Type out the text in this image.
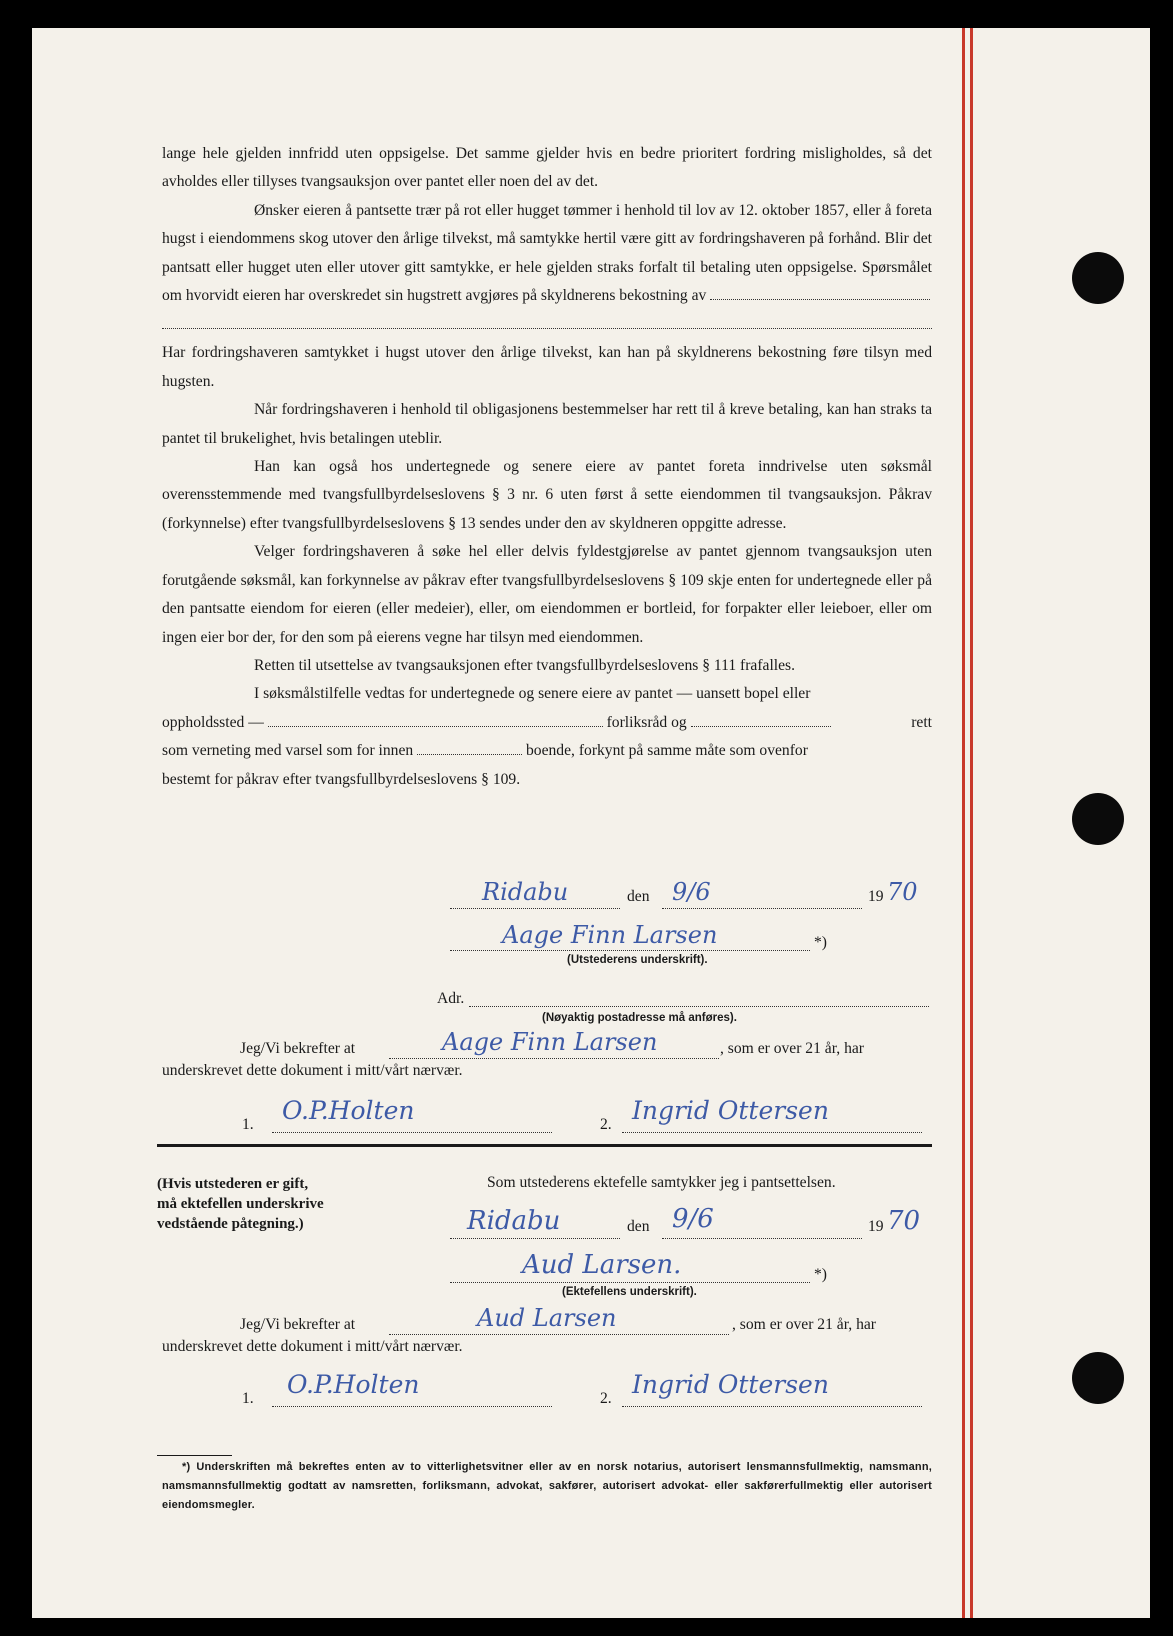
lange hele gjelden innfridd uten oppsigelse. Det samme gjelder hvis en bedre prioritert fordring misligholdes, så det avholdes eller tillyses tvangsauksjon over pantet eller noen del av det.

Ønsker eieren å pantsette trær på rot eller hugget tømmer i henhold til lov av 12. oktober 1857, eller å foreta hugst i eiendommens skog utover den årlige tilvekst, må samtykke hertil være gitt av fordringshaveren på forhånd. Blir det pantsatt eller hugget uten eller utover gitt samtykke, er hele gjelden straks forfalt til betaling uten oppsigelse. Spørsmålet om hvorvidt eieren har overskredet sin hugstrett avgjøres på skyldnerens bekostning av

Har fordringshaveren samtykket i hugst utover den årlige tilvekst, kan han på skyldnerens bekostning føre tilsyn med hugsten.

Når fordringshaveren i henhold til obligasjonens bestemmelser har rett til å kreve betaling, kan han straks ta pantet til brukelighet, hvis betalingen uteblir.

Han kan også hos undertegnede og senere eiere av pantet foreta inndrivelse uten søksmål overensstemmende med tvangsfullbyrdelseslovens § 3 nr. 6 uten først å sette eiendommen til tvangsauksjon. Påkrav (forkynnelse) efter tvangsfullbyrdelseslovens § 13 sendes under den av skyldneren oppgitte adresse.

Velger fordringshaveren å søke hel eller delvis fyldestgjørelse av pantet gjennom tvangsauksjon uten forutgående søksmål, kan forkynnelse av påkrav efter tvangsfullbyrdelseslovens § 109 skje enten for undertegnede eller på den pantsatte eiendom for eieren (eller medeier), eller, om eiendommen er bortleid, for forpakter eller leieboer, eller om ingen eier bor der, for den som på eierens vegne har tilsyn med eiendommen.

Retten til utsettelse av tvangsauksjonen efter tvangsfullbyrdelseslovens § 111 frafalles.

I søksmålstilfelle vedtas for undertegnede og senere eiere av pantet — uansett bopel eller

oppholdssted —	forliksråd og	rett

som verneting med varsel som for innen	boende, forkynt på samme måte som ovenfor

bestemt for påkrav efter tvangsfullbyrdelseslovens § 109.

Ridabu	den 9/6	19 70
Aage Finn Larsen	*)
(Utstederens underskrift).
Adr.
(Nøyaktig postadresse må anføres).
Jeg/Vi bekrefter at	Aage Finn Larsen	, som er over 21 år, har
underskrevet dette dokument i mitt/vårt nærvær.
1. O.P.Holten	2. Ingrid Ottersen
(Hvis utstederen er gift,
må ektefellen underskrive
vedstående påtegning.)
Som utstederens ektefelle samtykker jeg i pantsettelsen.
Ridabu	den 9/6	19 70
Aud Larsen.	*)
(Ektefellens underskrift).
Jeg/Vi bekrefter at	Aud Larsen	, som er over 21 år, har
underskrevet dette dokument i mitt/vårt nærvær.
1. O.P.Holten	2. Ingrid Ottersen

*) Underskriften må bekreftes enten av to vitterlighetsvitner eller av en norsk notarius, autorisert lensmannsfullmektig, namsmann, namsmannsfullmektig godtatt av namsretten, forliksmann, advokat, sakfører, autorisert advokat- eller sakførerfullmektig eller autorisert eiendomsmegler.
